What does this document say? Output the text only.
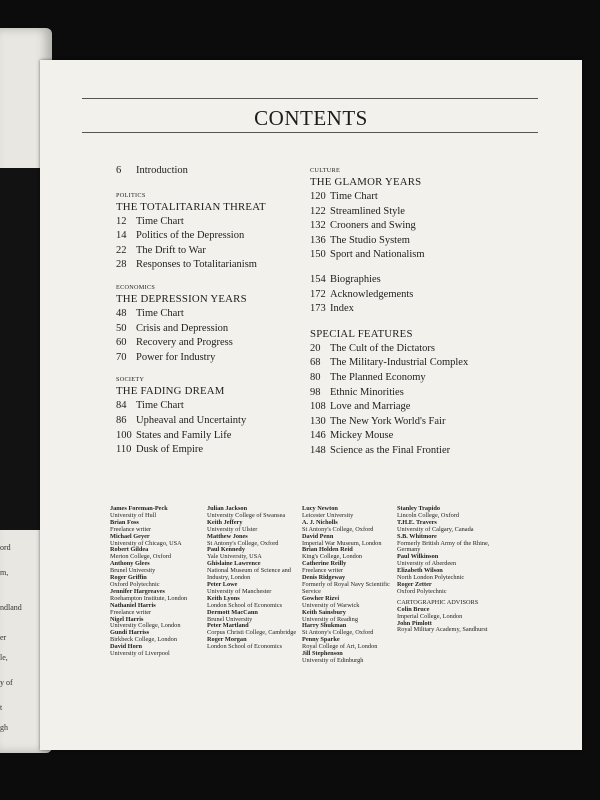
ord
m,
ndland
er
le,
y of
t
gh
CONTENTS
6 Introduction
POLITICS
THE TOTALITARIAN THREAT
12 Time Chart
14 Politics of the Depression
22 The Drift to War
28 Responses to Totalitarianism
ECONOMICS
THE DEPRESSION YEARS
48 Time Chart
50 Crisis and Depression
60 Recovery and Progress
70 Power for Industry
SOCIETY
THE FADING DREAM
84 Time Chart
86 Upheaval and Uncertainty
100 States and Family Life
110 Dusk of Empire
CULTURE
THE GLAMOR YEARS
120 Time Chart
122 Streamlined Style
132 Crooners and Swing
136 The Studio System
150 Sport and Nationalism
154 Biographies
172 Acknowledgements
173 Index
SPECIAL FEATURES
20 The Cult of the Dictators
68 The Military-Industrial Complex
80 The Planned Economy
98 Ethnic Minorities
108 Love and Marriage
130 The New York World's Fair
146 Mickey Mouse
148 Science as the Final Frontier
James Foreman-Peck
University of Hull
Brian Foss
Freelance writer
Michael Geyer
University of Chicago, USA
Robert Gildea
Merton College, Oxford
Anthony Glees
Brunel University
Roger Griffin
Oxford Polytechnic
Jennifer Hargreaves
Roehampton Institute, London
Nathaniel Harris
Freelance writer
Nigel Harris
University College, London
Gundi Harriss
Birkbeck College, London
David Horn
University of Liverpool
Julian Jackson
University College of Swansea
Keith Jeffery
University of Ulster
Matthew Jones
St Antony's College, Oxford
Paul Kennedy
Yale University, USA
Ghislaine Lawrence
National Museum of Science and Industry, London
Peter Lowe
University of Manchester
Keith Lyons
London School of Economics
Dermott MacCann
Brunel University
Peter Martland
Corpus Christi College, Cambridge
Roger Morgan
London School of Economics
Lucy Newton
Leicester University
A. J. Nicholls
St Antony's College, Oxford
David Penn
Imperial War Museum, London
Brian Holden Reid
King's College, London
Catherine Reilly
Freelance writer
Denis Ridgeway
Formerly of Royal Navy Scientific Service
Gowher Rizvi
University of Warwick
Keith Sainsbury
University of Reading
Harry Shukman
St Antony's College, Oxford
Penny Sparke
Royal College of Art, London
Jill Stephenson
University of Edinburgh
Stanley Trapido
Lincoln College, Oxford
T.H.E. Travers
University of Calgary, Canada
S.B. Whitmore
Formerly British Army of the Rhine, Germany
Paul Wilkinson
University of Aberdeen
Elizabeth Wilson
North London Polytechnic
Roger Zetter
Oxford Polytechnic
CARTOGRAPHIC ADVISORS
Colin Bruce
Imperial College, London
John Pimlott
Royal Military Academy, Sandhurst
